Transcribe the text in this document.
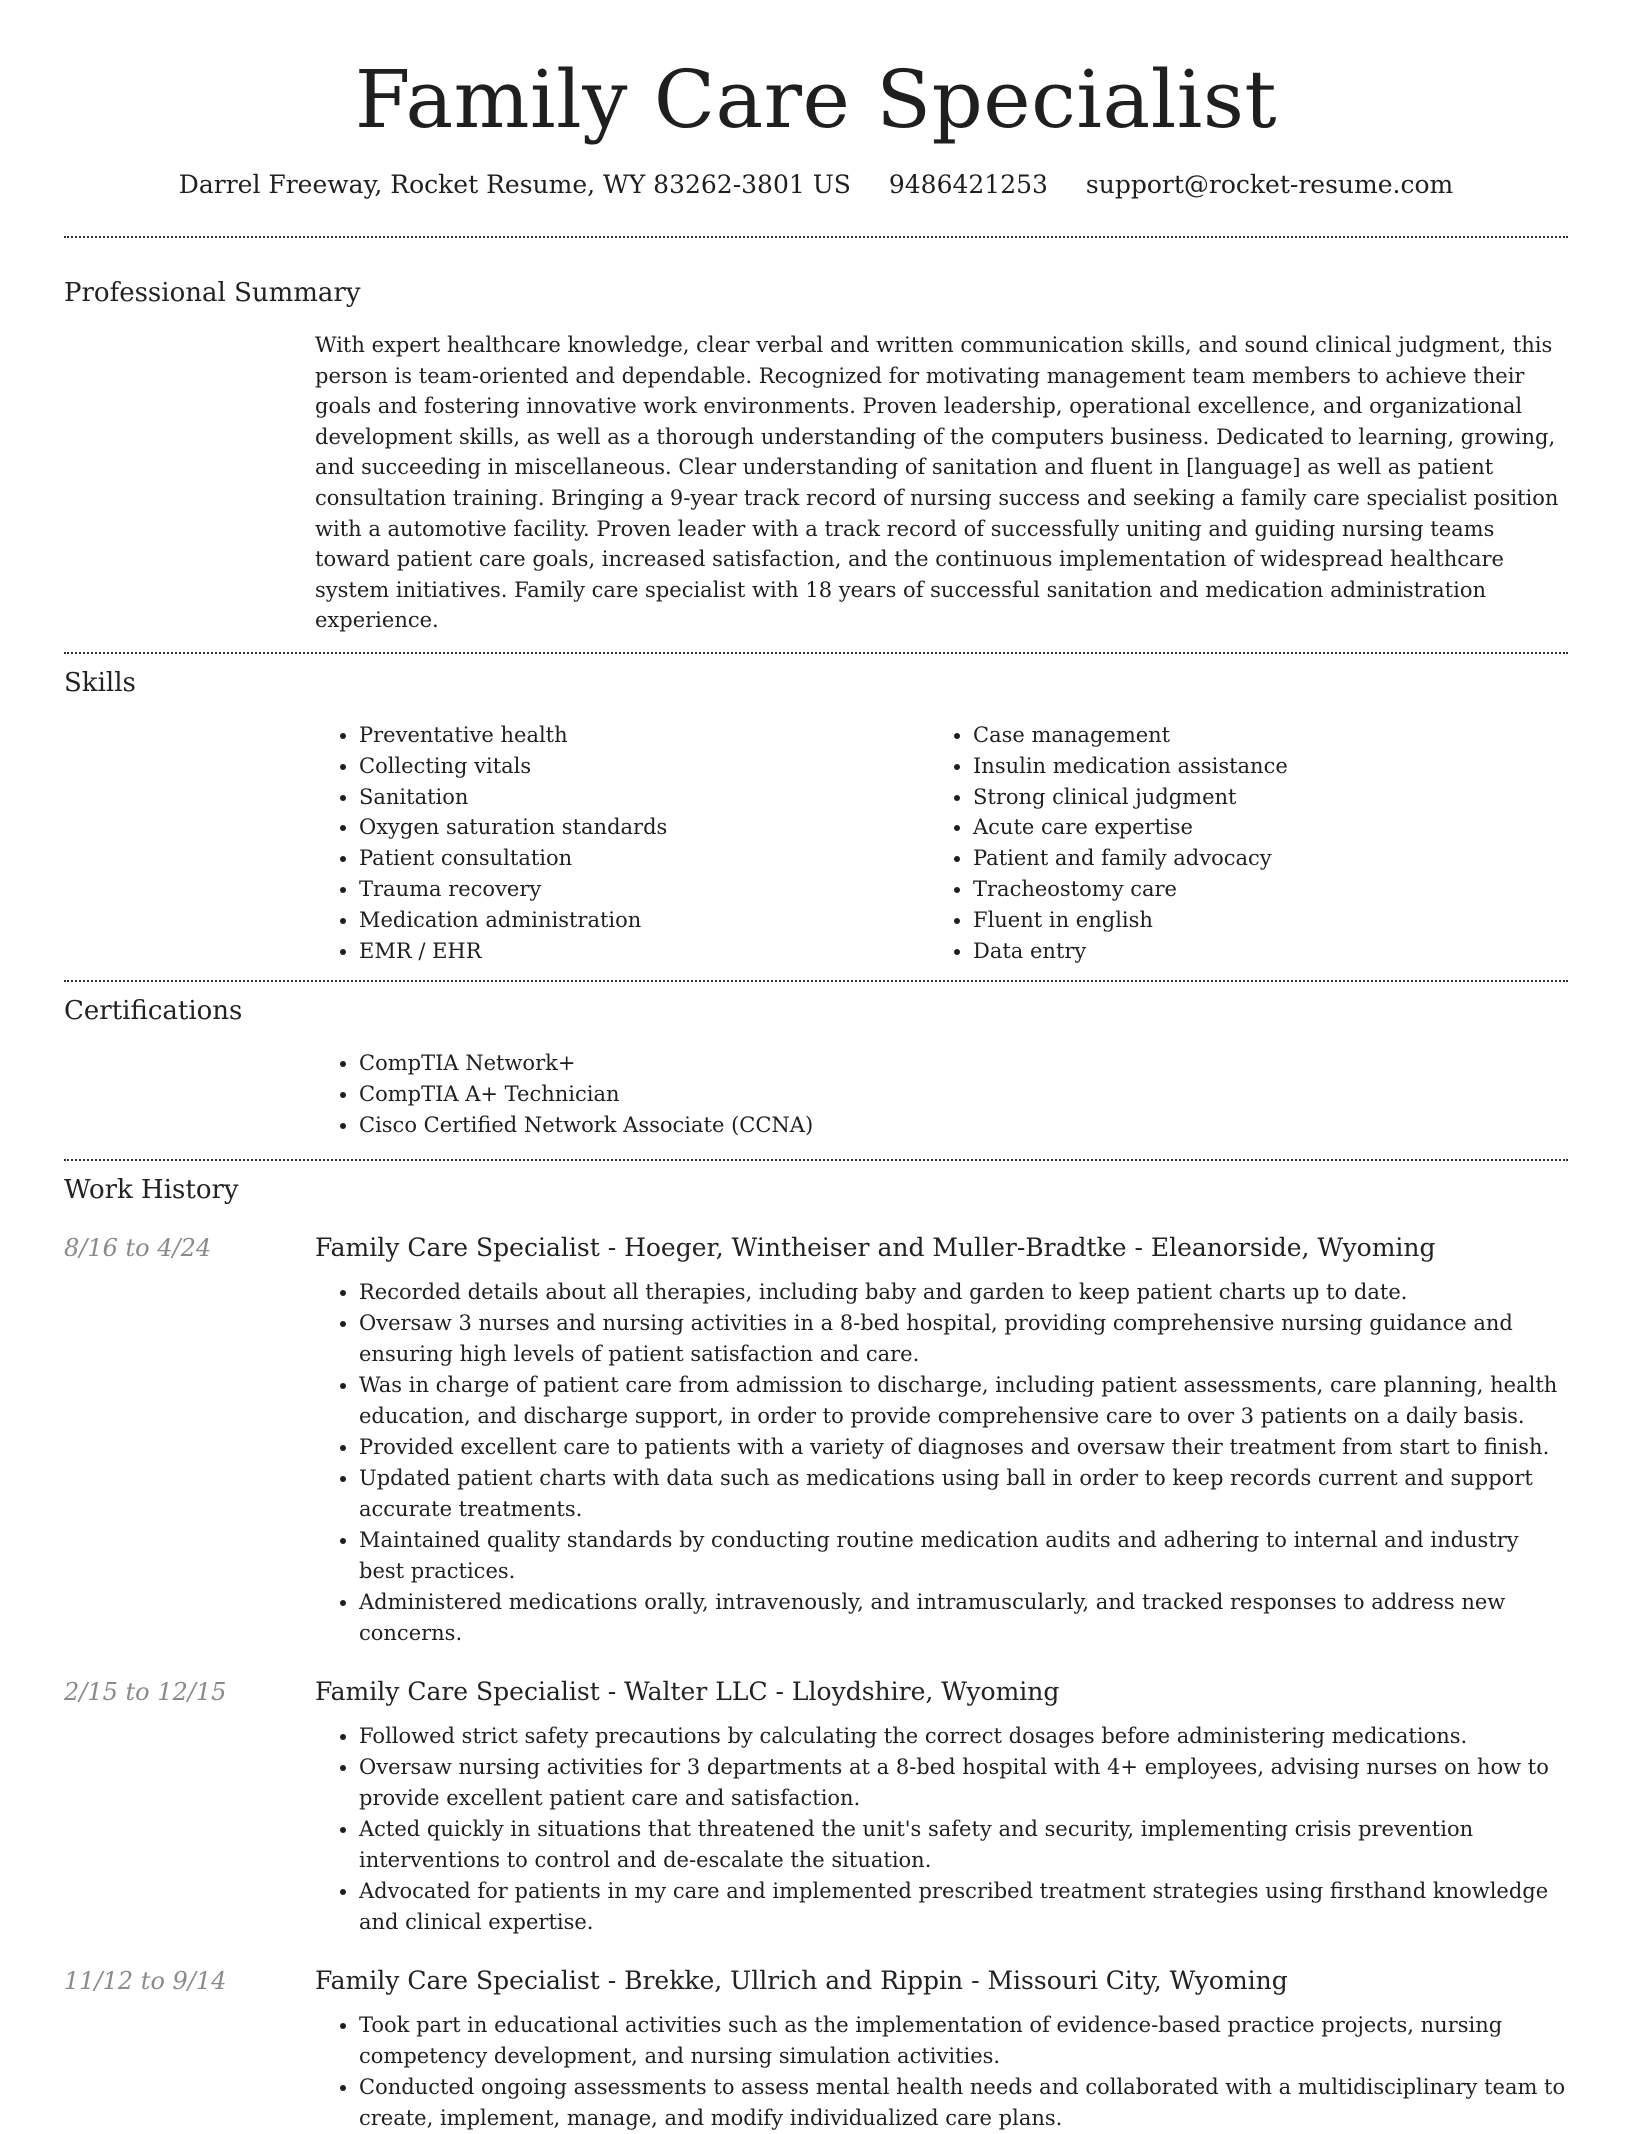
Family Care Specialist
Darrel Freeway, Rocket Resume, WY 83262-3801 US 9486421253 support@rocket-resume.com
Professional Summary

With expert healthcare knowledge, clear verbal and written communication skills, and sound clinical judgment, this person is team-oriented and dependable. Recognized for motivating management team members to achieve their goals and fostering innovative work environments. Proven leadership, operational excellence, and organizational development skills, as well as a thorough understanding of the computers business. Dedicated to learning, growing, and succeeding in miscellaneous. Clear understanding of sanitation and fluent in [language] as well as patient consultation training. Bringing a 9-year track record of nursing success and seeking a family care specialist position with a automotive facility. Proven leader with a track record of successfully uniting and guiding nursing teams toward patient care goals, increased satisfaction, and the continuous implementation of widespread healthcare system initiatives. Family care specialist with 18 years of successful sanitation and medication administration experience.

Skills
• Preventative health
• Collecting vitals
• Sanitation
• Oxygen saturation standards
• Patient consultation
• Trauma recovery
• Medication administration
• EMR / EHR
• Case management
• Insulin medication assistance
• Strong clinical judgment
• Acute care expertise
• Patient and family advocacy
• Tracheostomy care
• Fluent in english
• Data entry
Certifications
• CompTIA Network+
• CompTIA A+ Technician
• Cisco Certified Network Associate (CCNA)
Work History
8/16 to 4/24	Family Care Specialist - Hoeger, Wintheiser and Muller-Bradtke - Eleanorside, Wyoming
• Recorded details about all therapies, including baby and garden to keep patient charts up to date.
• Oversaw 3 nurses and nursing activities in a 8-bed hospital, providing comprehensive nursing guidance and ensuring high levels of patient satisfaction and care.
• Was in charge of patient care from admission to discharge, including patient assessments, care planning, health education, and discharge support, in order to provide comprehensive care to over 3 patients on a daily basis.
• Provided excellent care to patients with a variety of diagnoses and oversaw their treatment from start to finish.
• Updated patient charts with data such as medications using ball in order to keep records current and support accurate treatments.
• Maintained quality standards by conducting routine medication audits and adhering to internal and industry best practices.
• Administered medications orally, intravenously, and intramuscularly, and tracked responses to address new concerns.
2/15 to 12/15	Family Care Specialist - Walter LLC - Lloydshire, Wyoming
• Followed strict safety precautions by calculating the correct dosages before administering medications.
• Oversaw nursing activities for 3 departments at a 8-bed hospital with 4+ employees, advising nurses on how to provide excellent patient care and satisfaction.
• Acted quickly in situations that threatened the unit's safety and security, implementing crisis prevention interventions to control and de-escalate the situation.
• Advocated for patients in my care and implemented prescribed treatment strategies using firsthand knowledge and clinical expertise.
11/12 to 9/14	Family Care Specialist - Brekke, Ullrich and Rippin - Missouri City, Wyoming
• Took part in educational activities such as the implementation of evidence-based practice projects, nursing competency development, and nursing simulation activities.
• Conducted ongoing assessments to assess mental health needs and collaborated with a multidisciplinary team to create, implement, manage, and modify individualized care plans.
